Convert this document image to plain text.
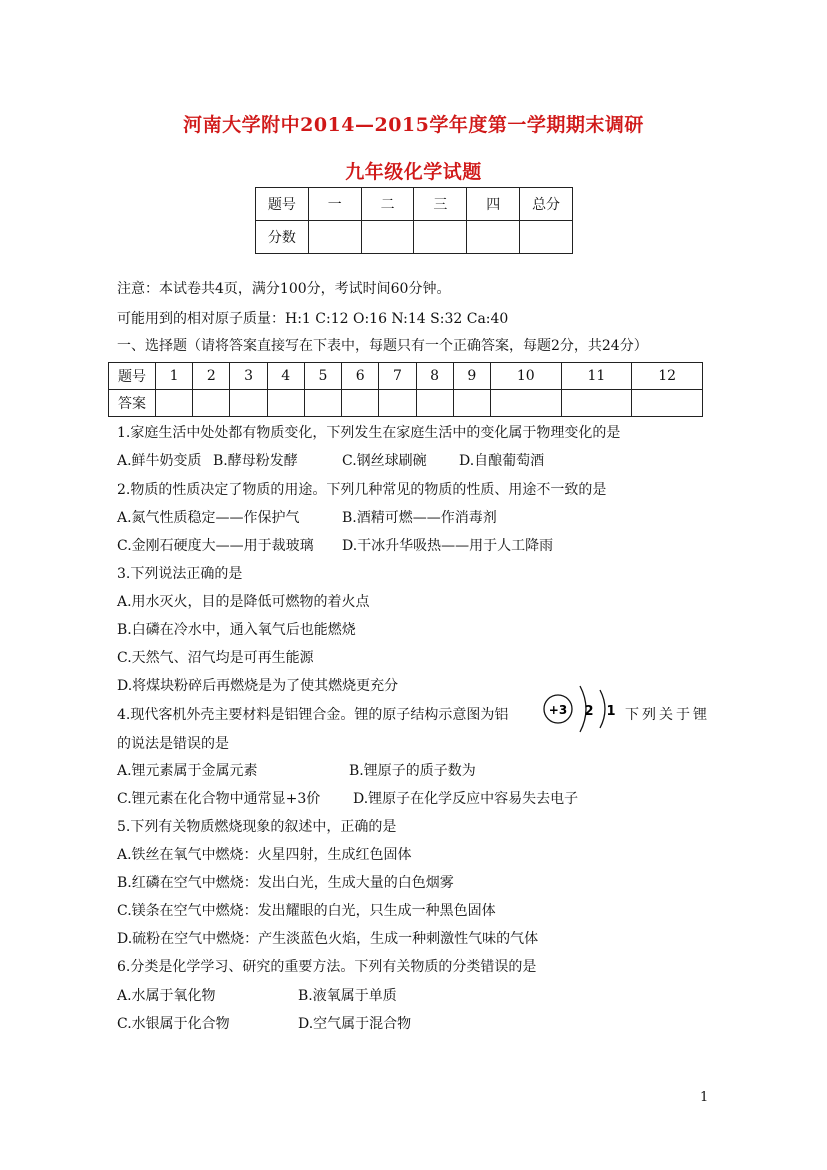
河南大学附中2014—2015学年度第一学期期末调研
九年级化学试题
题号	一	二	三	四	总分
分数					
注意：本试卷共4页，满分100分，考试时间60分钟。
可能用到的相对原子质量：H:1 C:12 O:16 N:14 S:32 Ca:40
一、选择题（请将答案直接写在下表中，每题只有一个正确答案，每题2分，共24分）
题号	1	2	3	4	5	6	7	8	9	10	11	12
答案												
1.家庭生活中处处都有物质变化，下列发生在家庭生活中的变化属于物理变化的是
A.鲜牛奶变质 B.酵母粉发酵	C.钢丝球刷碗 D.自酿葡萄酒
2.物质的性质决定了物质的用途。下列几种常见的物质的性质、用途不一致的是
A.氮气性质稳定——作保护气	B.酒精可燃——作消毒剂
C.金刚石硬度大——用于裁玻璃 D.干冰升华吸热——用于人工降雨
3.下列说法正确的是
A.用水灭火，目的是降低可燃物的着火点
B.白磷在冷水中，通入氧气后也能燃烧
C.天然气、沼气均是可再生能源
D.将煤块粉碎后再燃烧是为了使其燃烧更充分
4.现代客机外壳主要材料是铝锂合金。锂的原子结构示意图为铝	+3 2 1 下列关于锂
的说法是错误的是
A.锂元素属于金属元素	B.锂原子的质子数为
C.锂元素在化合物中通常显+3价 D.锂原子在化学反应中容易失去电子
5.下列有关物质燃烧现象的叙述中，正确的是
A.铁丝在氧气中燃烧：火星四射，生成红色固体
B.红磷在空气中燃烧：发出白光，生成大量的白色烟雾
C.镁条在空气中燃烧：发出耀眼的白光，只生成一种黑色固体
D.硫粉在空气中燃烧：产生淡蓝色火焰，生成一种刺激性气味的气体
6.分类是化学学习、研究的重要方法。下列有关物质的分类错误的是
A.水属于氧化物	B.液氧属于单质
C.水银属于化合物	D.空气属于混合物
1
